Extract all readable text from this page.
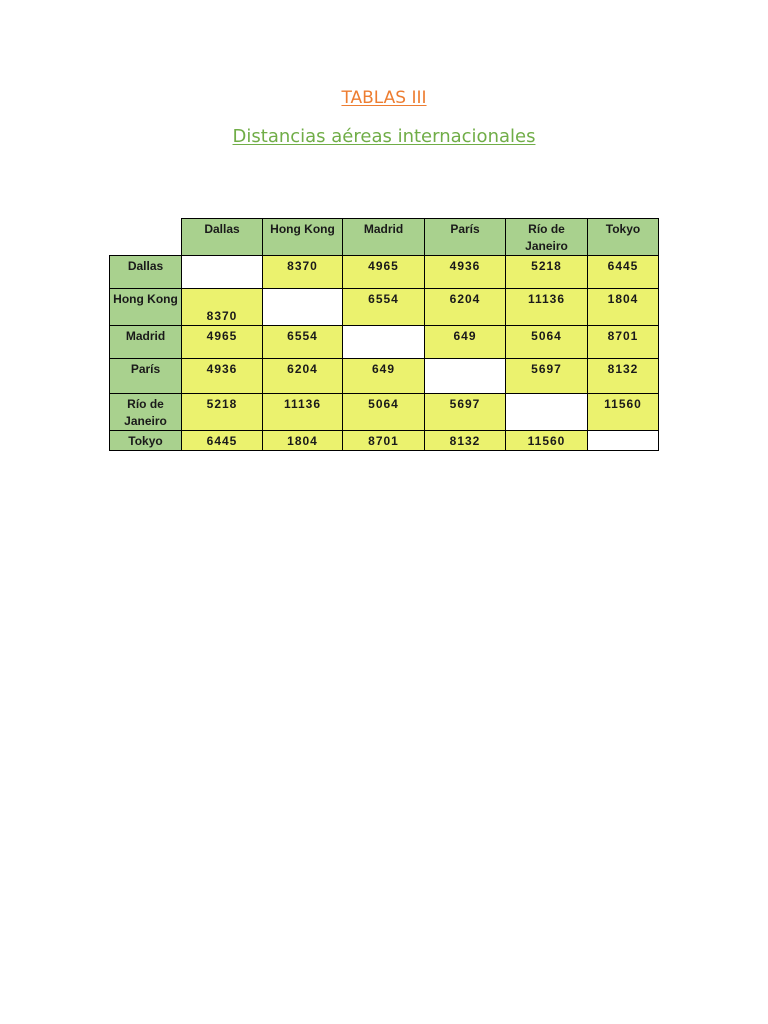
TABLAS III
Distancias aéreas internacionales
	Dallas	Hong Kong	Madrid	París	Río de Janeiro	Tokyo
Dallas		8370	4965	4936	5218	6445
Hong Kong	8370		6554	6204	11136	1804
Madrid	4965	6554		649	5064	8701
París	4936	6204	649		5697	8132
Río de Janeiro	5218	11136	5064	5697		11560
Tokyo	6445	1804	8701	8132	11560	
